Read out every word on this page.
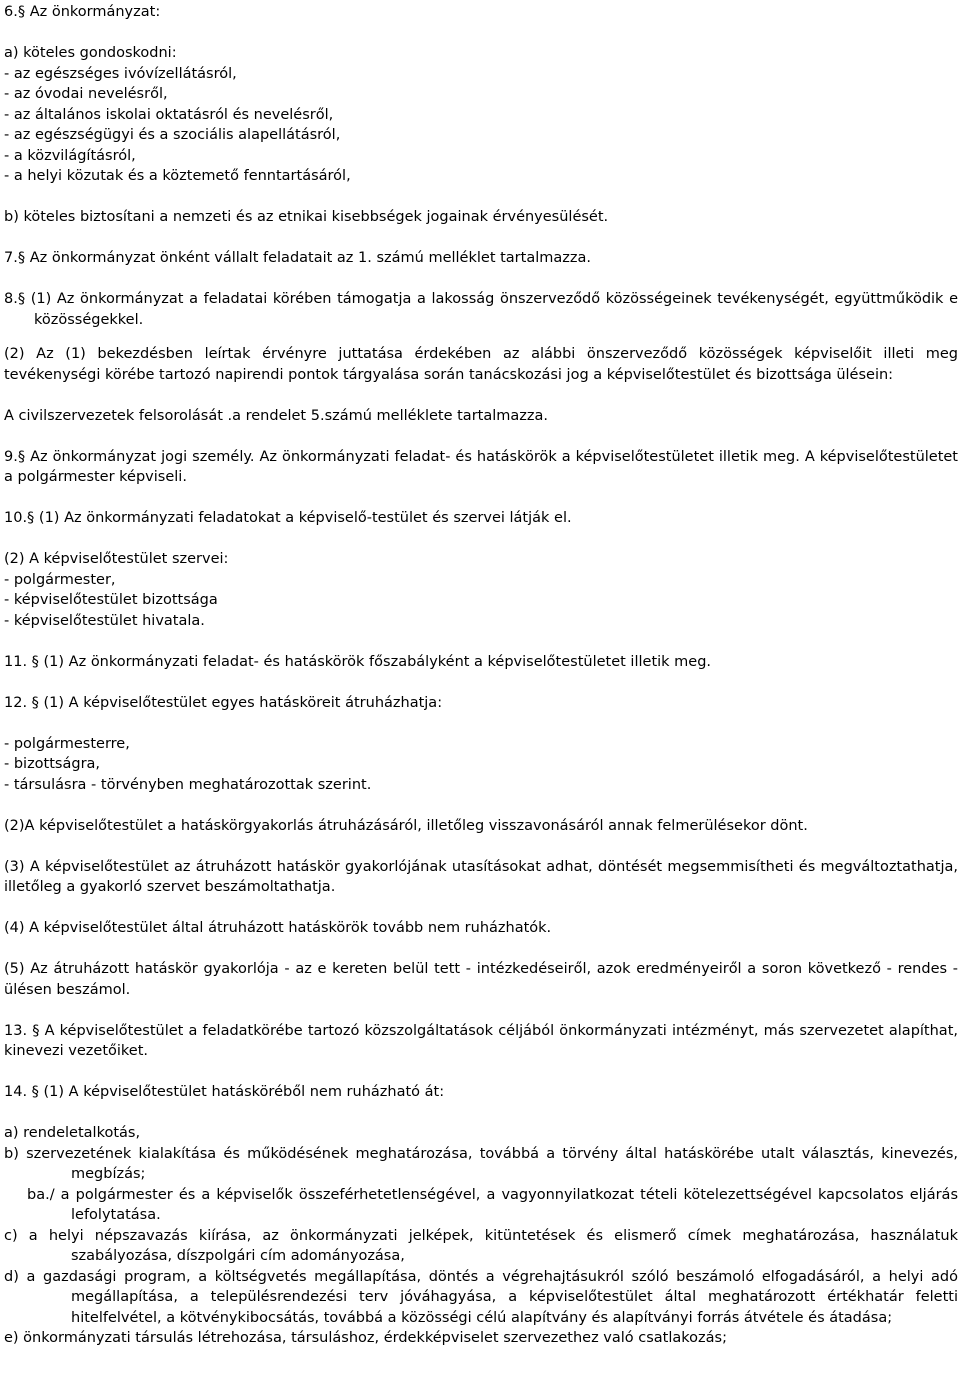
6.§ Az önkormányzat:

a) köteles gondoskodni:

- az egészséges ivóvízellátásról,

- az óvodai nevelésről,

- az általános iskolai oktatásról és nevelésről,

- az egészségügyi és a szociális alapellátásról,

- a közvilágításról,

- a helyi közutak és a köztemető fenntartásáról,

b) köteles biztosítani a nemzeti és az etnikai kisebbségek jogainak érvényesülését.

7.§ Az önkormányzat önként vállalt feladatait az 1. számú melléklet tartalmazza.

8.§ (1) Az önkormányzat a feladatai körében támogatja a lakosság önszerveződő közösségeinek tevékenységét, együttműködik e közösségekkel.

(2) Az (1) bekezdésben leírtak érvényre juttatása érdekében az alábbi önszerveződő közösségek képviselőit illeti meg tevékenységi körébe tartozó napirendi pontok tárgyalása során tanácskozási jog a képviselőtestület és bizottsága ülésein:

A civilszervezetek felsorolását .a rendelet 5.számú melléklete tartalmazza.

9.§ Az önkormányzat jogi személy. Az önkormányzati feladat- és hatáskörök a képviselőtestületet illetik meg. A képviselőtestületet a polgármester képviseli.

10.§ (1) Az önkormányzati feladatokat a képviselő-testület és szervei látják el.

(2) A képviselőtestület szervei:

- polgármester,

- képviselőtestület bizottsága

- képviselőtestület hivatala.

11. § (1) Az önkormányzati feladat- és hatáskörök főszabályként a képviselőtestületet illetik meg.

12. § (1) A képviselőtestület egyes hatásköreit átruházhatja:

- polgármesterre,

- bizottságra,

- társulásra - törvényben meghatározottak szerint.

(2)A képviselőtestület a hatáskörgyakorlás átruházásáról, illetőleg visszavonásáról annak felmerülésekor dönt.

(3) A képviselőtestület az átruházott hatáskör gyakorlójának utasításokat adhat, döntését megsemmisítheti és megváltoztathatja, illetőleg a gyakorló szervet beszámoltathatja.

(4) A képviselőtestület által átruházott hatáskörök tovább nem ruházhatók.

(5) Az átruházott hatáskör gyakorlója - az e kereten belül tett - intézkedéseiről, azok eredményeiről a soron következő - rendes - ülésen beszámol.

13. § A képviselőtestület a feladatkörébe tartozó közszolgáltatások céljából önkormányzati intézményt, más szervezetet alapíthat, kinevezi vezetőiket.

14. § (1) A képviselőtestület hatásköréből nem ruházható át:

a) rendeletalkotás,

b) szervezetének kialakítása és működésének meghatározása, továbbá a törvény által hatáskörébe utalt választás, kinevezés, megbízás;

ba./ a polgármester és a képviselők összeférhetetlenségével, a vagyonnyilatkozat tételi kötelezettségével kapcsolatos eljárás lefolytatása.

c) a helyi népszavazás kiírása, az önkormányzati jelképek, kitüntetések és elismerő címek meghatározása, használatuk szabályozása, díszpolgári cím adományozása,

d) a gazdasági program, a költségvetés megállapítása, döntés a végrehajtásukról szóló beszámoló elfogadásáról, a helyi adó megállapítása, a településrendezési terv jóváhagyása, a képviselőtestület által meghatározott értékhatár feletti hitelfelvétel, a kötvénykibocsátás, továbbá a közösségi célú alapítvány és alapítványi forrás átvétele és átadása;

e) önkormányzati társulás létrehozása, társuláshoz, érdekképviselet szervezethez való csatlakozás;
